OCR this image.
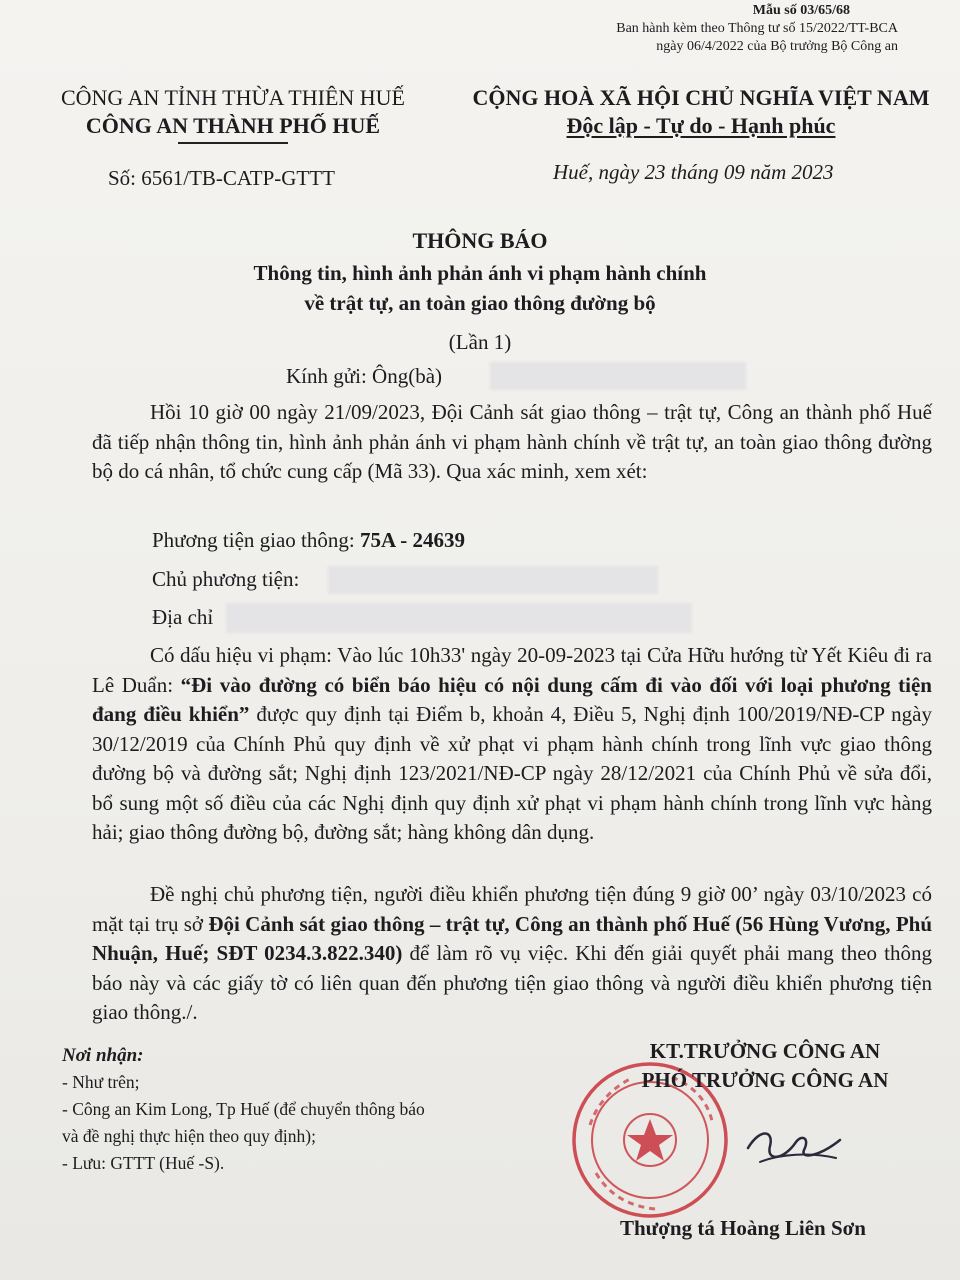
Mẫu số 03/65/68
Ban hành kèm theo Thông tư số 15/2022/TT-BCA
ngày 06/4/2022 của Bộ trưởng Bộ Công an
CÔNG AN TỈNH THỪA THIÊN HUẾ
CÔNG AN THÀNH PHỐ HUẾ
CỘNG HOÀ XÃ HỘI CHỦ NGHĨA VIỆT NAM
Độc lập - Tự do - Hạnh phúc
Số: 6561/TB-CATP-GTTT	Huế, ngày 23 tháng 09 năm 2023
THÔNG BÁO
Thông tin, hình ảnh phản ánh vi phạm hành chính
về trật tự, an toàn giao thông đường bộ
(Lần 1)
Kính gửi: Ông(bà)
Hồi 10 giờ 00 ngày 21/09/2023, Đội Cảnh sát giao thông – trật tự, Công an thành phố Huế đã tiếp nhận thông tin, hình ảnh phản ánh vi phạm hành chính về trật tự, an toàn giao thông đường bộ do cá nhân, tổ chức cung cấp (Mã 33). Qua xác minh, xem xét:
Phương tiện giao thông: 75A - 24639
Chủ phương tiện:
Địa chỉ
Có dấu hiệu vi phạm: Vào lúc 10h33' ngày 20-09-2023 tại Cửa Hữu hướng từ Yết Kiêu đi ra Lê Duẩn: “Đi vào đường có biển báo hiệu có nội dung cấm đi vào đối với loại phương tiện đang điều khiển” được quy định tại Điểm b, khoản 4, Điều 5, Nghị định 100/2019/NĐ-CP ngày 30/12/2019 của Chính Phủ quy định về xử phạt vi phạm hành chính trong lĩnh vực giao thông đường bộ và đường sắt; Nghị định 123/2021/NĐ-CP ngày 28/12/2021 của Chính Phủ về sửa đổi, bổ sung một số điều của các Nghị định quy định xử phạt vi phạm hành chính trong lĩnh vực hàng hải; giao thông đường bộ, đường sắt; hàng không dân dụng.
Đề nghị chủ phương tiện, người điều khiển phương tiện đúng 9 giờ 00’ ngày 03/10/2023 có mặt tại trụ sở Đội Cảnh sát giao thông – trật tự, Công an thành phố Huế (56 Hùng Vương, Phú Nhuận, Huế; SĐT 0234.3.822.340) để làm rõ vụ việc. Khi đến giải quyết phải mang theo thông báo này và các giấy tờ có liên quan đến phương tiện giao thông và người điều khiển phương tiện giao thông./.
Nơi nhận:
- Như trên;
- Công an Kim Long, Tp Huế (để chuyển thông báo
và đề nghị thực hiện theo quy định);
- Lưu: GTTT (Huế -S).
KT.TRƯỞNG CÔNG AN
PHÓ TRƯỞNG CÔNG AN
Thượng tá Hoàng Liên Sơn
